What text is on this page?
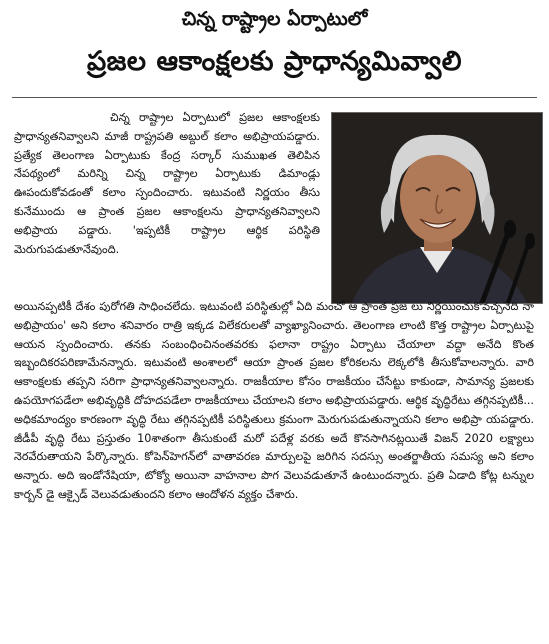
చిన్న రాష్ట్రాల ఏర్పాటులో
ప్రజల ఆకాంక్షలకు ప్రాధాన్యమివ్వాలి

చిన్న రాష్ట్రాల ఏర్పాటులో ప్రజల ఆకాంక్షలకు ప్రాధాన్యతనివ్వాలని మాజీ రాష్ట్రపతి అబ్దుల్ కలాం అభిప్రాయపడ్డారు. ప్రత్యేక తెలంగాణ ఏర్పాటుకు కేంద్ర సర్కార్ సుముఖత తెలిపిన నేపథ్యంలో మరిన్ని చిన్న రాష్ట్రాల ఏర్పాటుకు డిమాండ్లు ఊపందుకోవడంతో కలాం స్పందించారు. ఇటువంటి నిర్ణయం తీసు కునేముందు ఆ ప్రాంత ప్రజల ఆకాంక్షలను ప్రాధాన్యతనివ్వాలని అభిప్రాయ పడ్డారు. 'ఇప్పటికీ రాష్ట్రాల ఆర్థిక పరిస్థితి మెరుగుపడుతూనేవుంది.

అయినప్పటికీ దేశం పురోగతి సాధించలేదు. ఇటువంటి పరిస్థితుల్లో ఏది మంచో ఆ ప్రాంత ప్రజ లు నిర్ణయించుకోవచ్చనేది నా అభిప్రాయం' అని కలాం శనివారం రాత్రి ఇక్కడ విలేకరులతో వ్యాఖ్యానించారు. తెలంగాణ లాంటి కొత్త రాష్ట్రాల ఏర్పాటుపై ఆయన స్పందించారు. తనకు సంబంధించినంతవరకు ఫలానా రాష్ట్రం ఏర్పాటు చేయాలా వద్దా అనేది కొంత ఇబ్బందికరపరిణామేనన్నారు. ఇటువంటి అంశాలలో ఆయా ప్రాంత ప్రజల కోరికలను లెక్కలోకి తీసుకోవాలన్నారు. వారి ఆకాంక్షలకు తప్పని సరిగా ప్రాధాన్యతనివ్వాలన్నారు. రాజకీయాల కోసం రాజకీయం చేసేట్టు కాకుండా, సామాన్య ప్రజలకు ఉపయోగపడేలా అభివృద్ధికి దోహదపడేలా రాజకీయాలు చేయాలని కలాం అభిప్రాయపడ్డారు. ఆర్థిక వృద్ధిరేటు తగ్గినప్పటికీ... అధికమాంద్యం కారణంగా వృద్ధి రేటు తగ్గినప్పటికీ పరిస్థితులు క్రమంగా మెరుగుపడుతున్నాయని కలాం అభిప్రా యపడ్డారు. జీడీపీ వృద్ధి రేటు ప్రస్తుతం 10శాతంగా తీసుకుంటే మరో పదేళ్ల వరకు అదే కొనసాగినట్లయితే విజన్ 2020 లక్ష్యాలు నెరవేరుతాయని పేర్కొన్నారు. కోపెన్‌హెగన్‌లో వాతావరణ మార్పులపై జరిగిన సదస్సు అంతర్జాతీయ సమస్య అని కలాం అన్నారు. అది ఇండోనేషియా, టోక్యో అయినా వాహనాల పొగ వెలువడుతూనే ఉంటుందన్నారు. ప్రతి ఏడాది కోట్ల టన్నుల కార్బన్ డై ఆక్సైడ్ వెలువడుతుందని కలాం ఆందోళన వ్యక్తం చేశారు.
